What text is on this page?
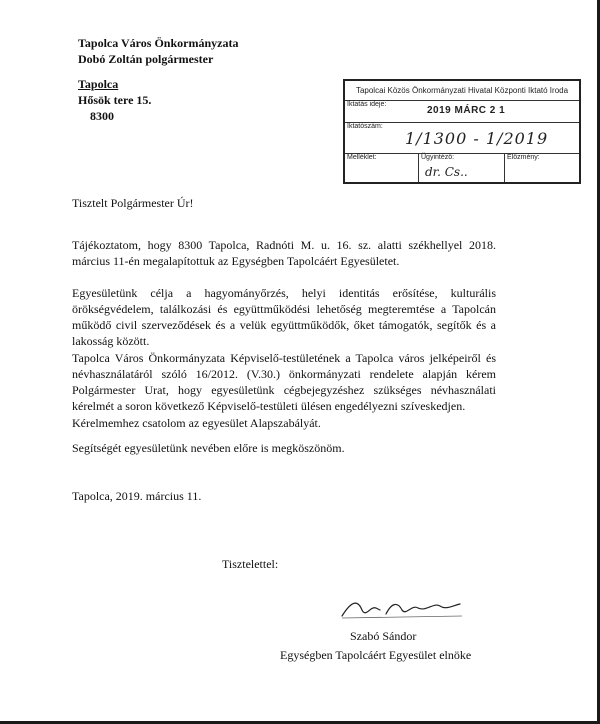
Tapolca Város Önkormányzata
Dobó Zoltán polgármester
Tapolca
Hősök tere 15.
8300
Tapolcai Közös Önkormányzati Hivatal Központi Iktató Iroda
Iktatás ideje:
2019 MÁRC 2 1
Iktatószám:
1/1300 - 1/2019
Melléklet:	Ügyintéző:
dr. Cs..
Előzmény:
Tisztelt Polgármester Úr!
Tájékoztatom, hogy 8300 Tapolca, Radnóti M. u. 16. sz. alatti székhellyel 2018. március 11-én megalapítottuk az Egységben Tapolcáért Egyesületet.
Egyesületünk célja a hagyományőrzés, helyi identitás erősítése, kulturális örökségvédelem, találkozási és együttműködési lehetőség megteremtése a Tapolcán működő civil szerveződések és a velük együttműködők, őket támogatók, segítők és a lakosság között.
Tapolca Város Önkormányzata Képviselő-testületének a Tapolca város jelképeiről és névhasználatáról szóló 16/2012. (V.30.) önkormányzati rendelete alapján kérem Polgármester Urat, hogy egyesületünk cégbejegyzéshez szükséges névhasználati kérelmét a soron következő Képviselő-testületi ülésen engedélyezni szíveskedjen.
Kérelmemhez csatolom az egyesület Alapszabályát.
Segítségét egyesületünk nevében előre is megköszönöm.
Tapolca, 2019. március 11.
Tisztelettel:
Szabó Sándor
Egységben Tapolcáért Egyesület elnöke
